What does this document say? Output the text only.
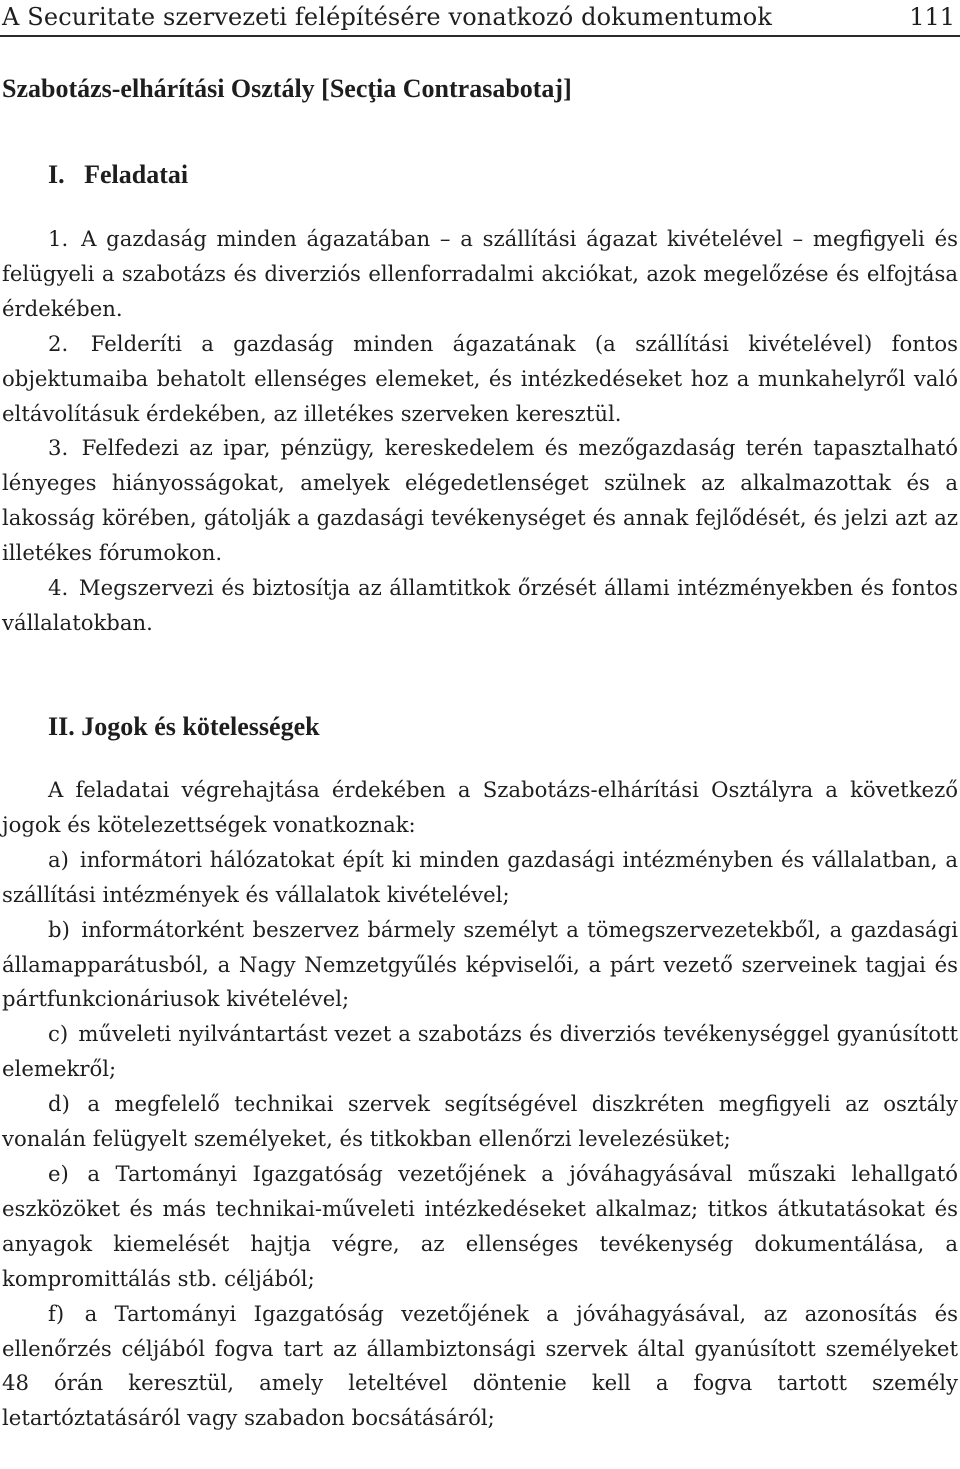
A Securitate szervezeti felépítésére vonatkozó dokumentumok	111
Szabotázs-elhárítási Osztály [Secţia Contrasabotaj]
I. Feladatai

1. A gazdaság minden ágazatában – a szállítási ágazat kivételével – megfigyeli és felügyeli a szabotázs és diverziós ellenforradalmi akciókat, azok megelőzése és elfojtása érdekében.

2. Felderíti a gazdaság minden ágazatának (a szállítási kivételével) fontos objektumaiba behatolt ellenséges elemeket, és intézkedéseket hoz a munkahelyről való eltávolításuk érdekében, az illetékes szerveken keresztül.

3. Felfedezi az ipar, pénzügy, kereskedelem és mezőgazdaság terén tapasztalható lényeges hiányosságokat, amelyek elégedetlenséget szülnek az alkalmazottak és a lakosság körében, gátolják a gazdasági tevékenységet és annak fejlődését, és jelzi azt az illetékes fórumokon.

4. Megszervezi és biztosítja az államtitkok őrzését állami intézményekben és fontos vállalatokban.

II. Jogok és kötelességek

A feladatai végrehajtása érdekében a Szabotázs-elhárítási Osztályra a következő jogok és kötelezettségek vonatkoznak:

a) informátori hálózatokat épít ki minden gazdasági intézményben és vállalatban, a szállítási intézmények és vállalatok kivételével;

b) informátorként beszervez bármely személyt a tömegszervezetekből, a gazdasági államapparátusból, a Nagy Nemzetgyűlés képviselői, a párt vezető szerveinek tagjai és pártfunkcionáriusok kivételével;

c) műveleti nyilvántartást vezet a szabotázs és diverziós tevékenységgel gyanúsított elemekről;

d) a megfelelő technikai szervek segítségével diszkréten megfigyeli az osztály vonalán felügyelt személyeket, és titkokban ellenőrzi levelezésüket;

e) a Tartományi Igazgatóság vezetőjének a jóváhagyásával műszaki lehallgató eszközöket és más technikai-műveleti intézkedéseket alkalmaz; titkos átkutatásokat és anyagok kiemelését hajtja végre, az ellenséges tevékenység dokumentálása, a kompromittálás stb. céljából;

f) a Tartományi Igazgatóság vezetőjének a jóváhagyásával, az azonosítás és ellenőrzés céljából fogva tart az állambiztonsági szervek által gyanúsított személyeket 48 órán keresztül, amely leteltével döntenie kell a fogva tartott személy letartóztatásáról vagy szabadon bocsátásáról;
